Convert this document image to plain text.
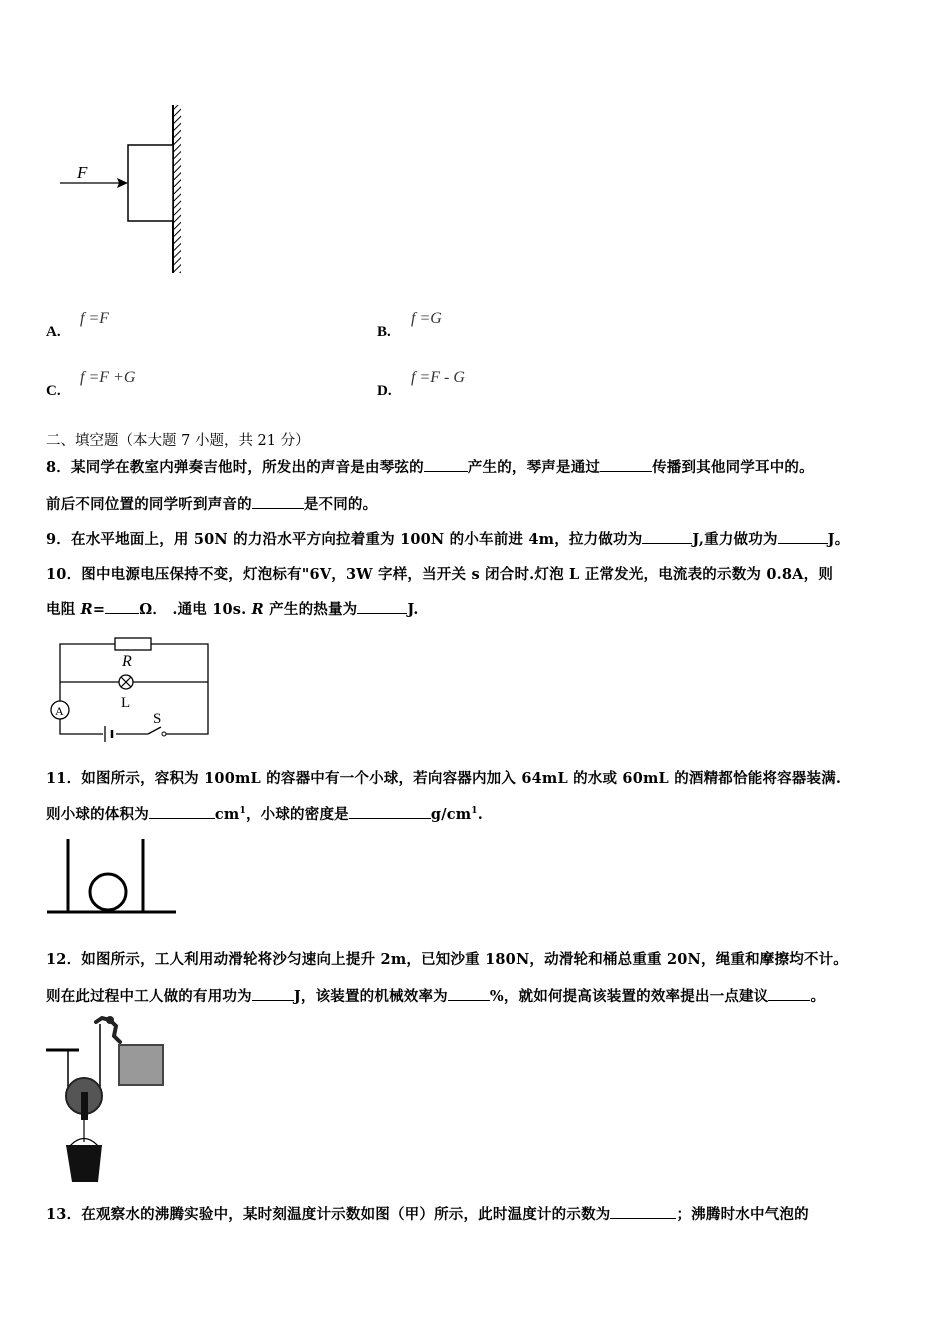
F
A.
f =F
B.
f =G
C.
f =F +G
D.
f =F - G
二、填空题（本大题 7 小题，共 21 分）
8．某同学在教室内弹奏吉他时，所发出的声音是由琴弦的	产生的，琴声是通过	传播到其他同学耳中的。
前后不同位置的同学听到声音的	是不同的。
9．在水平地面上，用 50N 的力沿水平方向拉着重为 100N 的小车前进 4m，拉力做功为	J,重力做功为	J。
10．图中电源电压保持不变，灯泡标有"6V，3W 字样，当开关 s 闭合时.灯泡 L 正常发光，电流表的示数为 0.8A，则
电阻 R= Ω． .通电 10s. R 产生的热量为	J.
R
L
A	S
11．如图所示，容积为 100mL 的容器中有一个小球，若向容器内加入 64mL 的水或 60mL 的酒精都恰能将容器装满.
则小球的体积为	$cm^1$，小球的密度是	$g/cm^1$.
12．如图所示，工人利用动滑轮将沙匀速向上提升 2m，已知沙重 180N，动滑轮和桶总重重 20N，绳重和摩擦均不计。
则在此过程中工人做的有用功为	J，该装置的机械效率为	%，就如何提高该装置的效率提出一点建议	。
13．在观察水的沸腾实验中，某时刻温度计示数如图（甲）所示，此时温度计的示数为	；沸腾时水中气泡的
